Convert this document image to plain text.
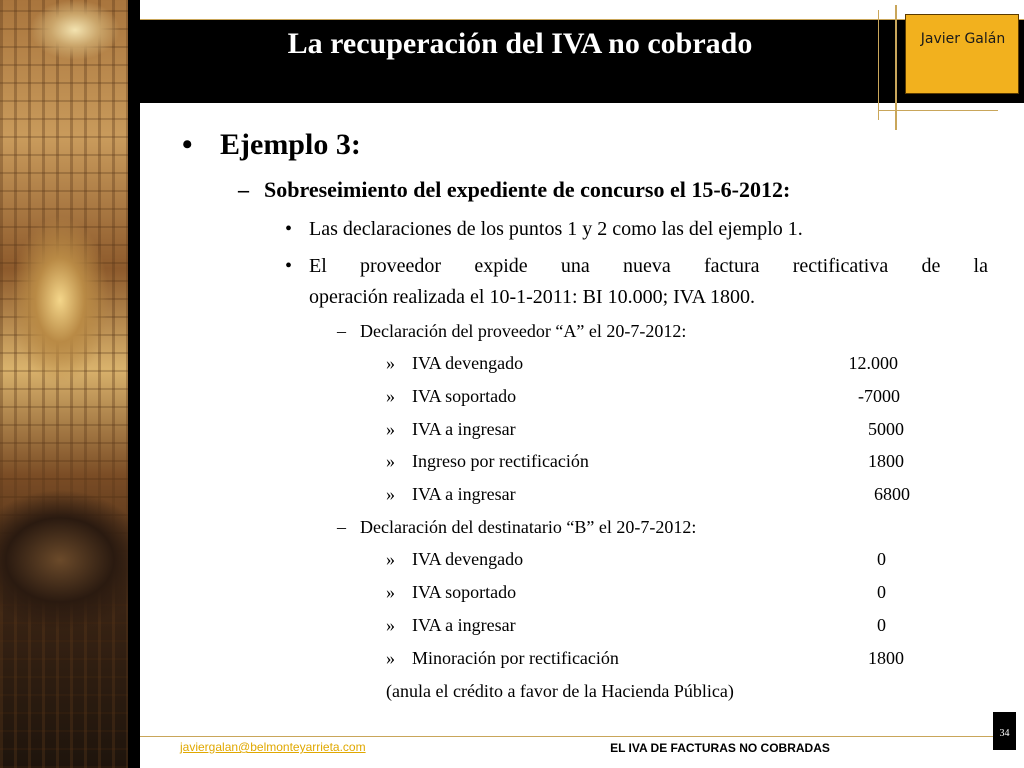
La recuperación del IVA no cobrado	Javier Galán
• Ejemplo 3:
– Sobreseimiento del expediente de concurso el 15-6-2012:
• Las declaraciones de los puntos 1 y 2 como las del ejemplo 1.
• El proveedor expide una nueva factura rectificativa de la
operación realizada el 10-1-2011: BI 10.000; IVA 1800.
– Declaración del proveedor “A” el 20-7-2012:
» IVA devengado	12.000
» IVA soportado	-7000
» IVA a ingresar	5000
» Ingreso por rectificación	1800
» IVA a ingresar	6800
– Declaración del destinatario “B” el 20-7-2012:
» IVA devengado	0
» IVA soportado	0
» IVA a ingresar	0
» Minoración por rectificación	1800
(anula el crédito a favor de la Hacienda Pública)
javiergalan@belmonteyarrieta.com	EL IVA DE FACTURAS NO COBRADAS
34
